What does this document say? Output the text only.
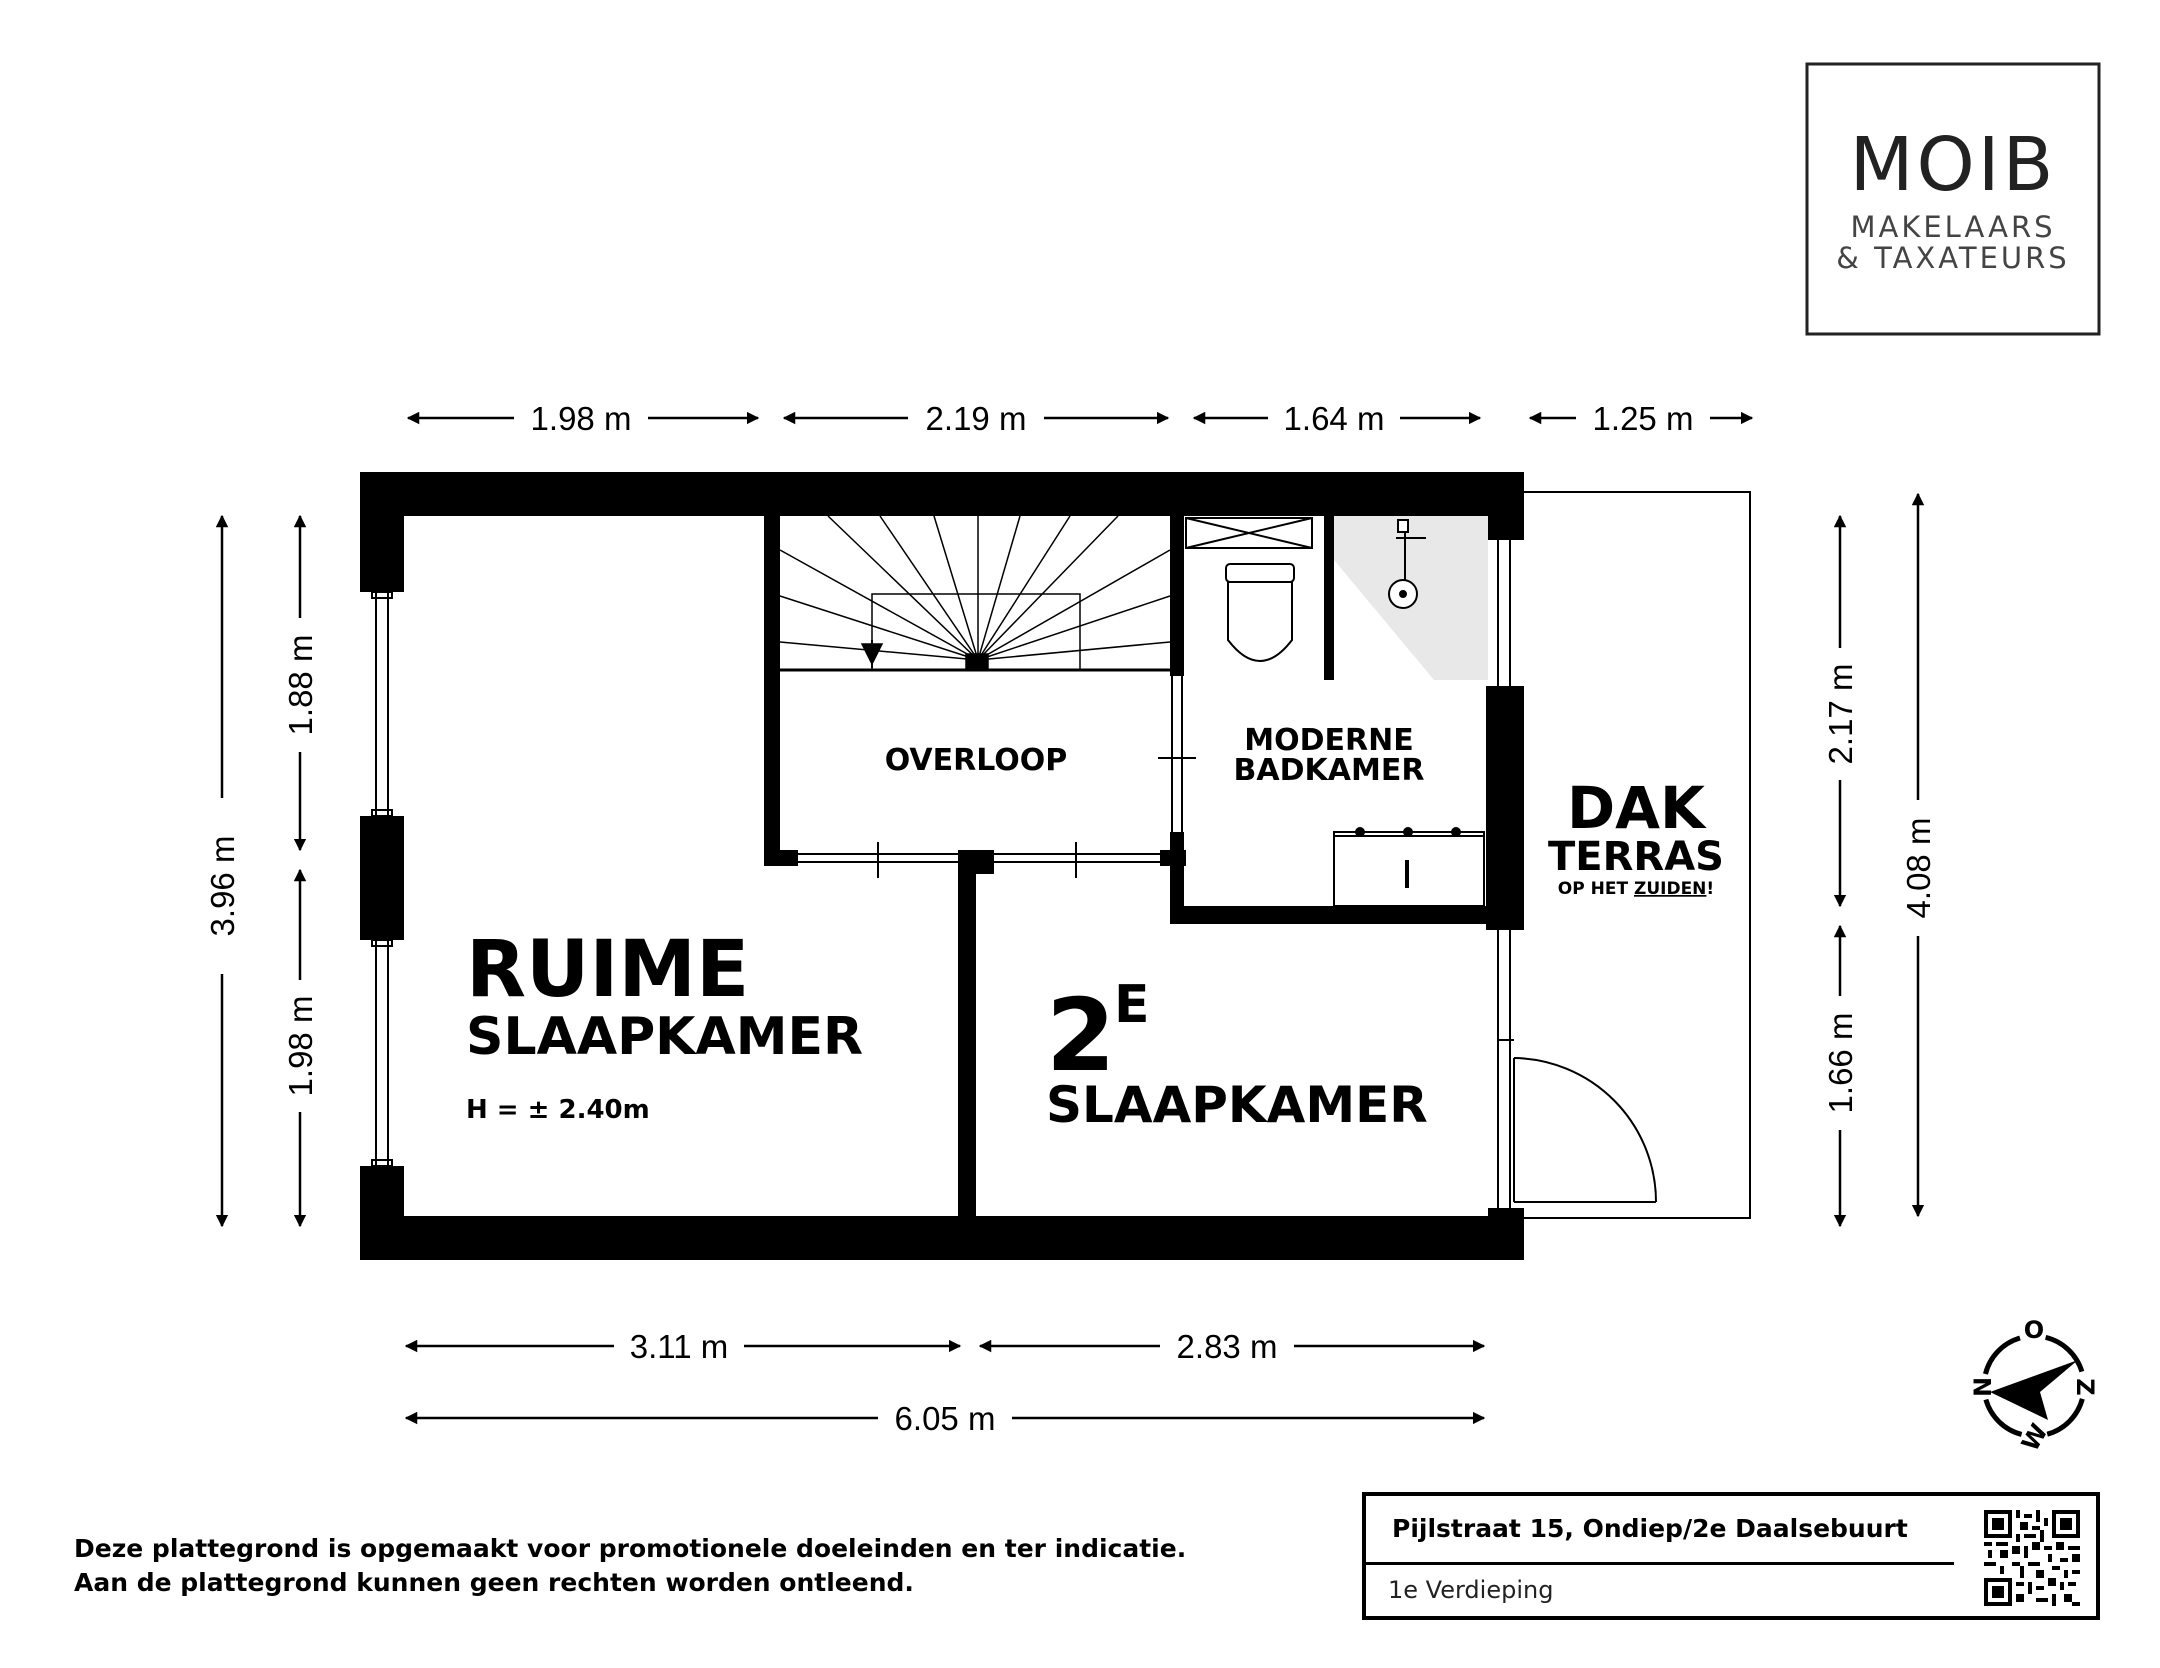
MOIB
MAKELAARS
& TAXATEURS
1.98 m	2.19 m	1.64 m	1.25 m
3.96 m
1.88 m
1.98 m
2.17 m
1.66 m
4.08 m
3.11 m	2.83 m
6.05 m
OVERLOOP
MODERNE
BADKAMER
DAK
TERRAS
OP HET ZUIDEN!
RUIME
SLAAPKAMER
H = ± 2.40m
2
E
SLAAPKAMER
O
N	Z
W
Deze plattegrond is opgemaakt voor promotionele doeleinden en ter indicatie.
Aan de plattegrond kunnen geen rechten worden ontleend.
Pijlstraat 15, Ondiep/2e Daalsebuurt
1e Verdieping
